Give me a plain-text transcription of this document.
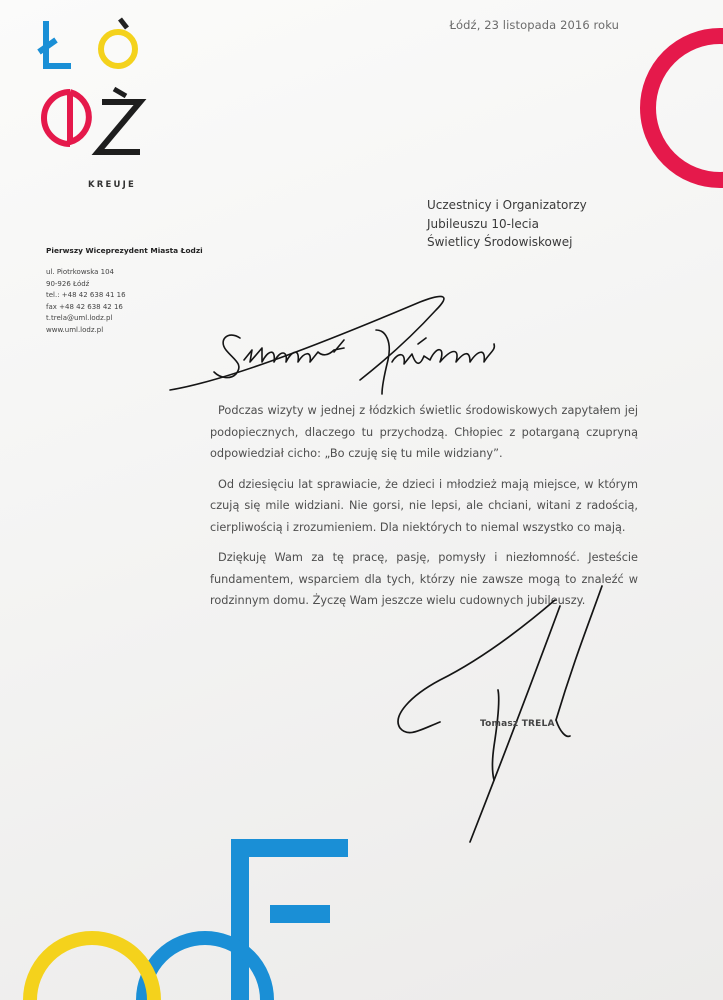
KREUJE
Łódź, 23 listopada 2016 roku
Pierwszy Wiceprezydent Miasta Łodzi
ul. Piotrkowska 104
90-926 Łódź
tel.: +48 42 638 41 16
fax +48 42 638 42 16
t.trela@uml.lodz.pl
www.uml.lodz.pl
Uczestnicy i Organizatorzy
Jubileuszu 10-lecia
Świetlicy Środowiskowej

Podczas wizyty w jednej z łódzkich świetlic środowiskowych zapytałem jej podopiecznych, dlaczego tu przychodzą. Chłopiec z potarganą czupryną odpowiedział cicho: „Bo czuję się tu mile widziany”.

Od dziesięciu lat sprawiacie, że dzieci i młodzież mają miejsce, w którym czują się mile widziani. Nie gorsi, nie lepsi, ale chciani, witani z radością, cierpliwością i zrozumieniem. Dla niektórych to niemal wszystko co mają.

Dziękuję Wam za tę pracę, pasję, pomysły i niezłomność. Jesteście fundamentem, wsparciem dla tych, którzy nie zawsze mogą to znaleźć w rodzinnym domu. Życzę Wam jeszcze wielu cudownych jubileuszy.

Tomasz TRELA
